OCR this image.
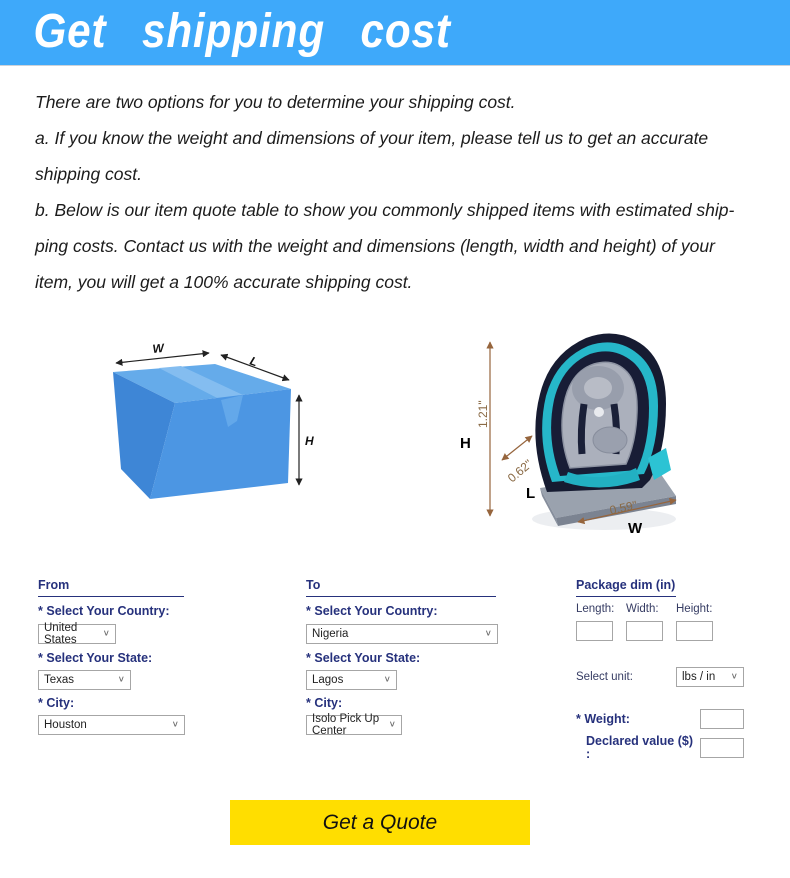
Get shipping cost
There are two options for you to determine your shipping cost.
a. If you know the weight and dimensions of your item, please tell us to get an accurate
shipping cost.
b. Below is our item quote table to show you commonly shipped items with estimated ship-
ping costs. Contact us with the weight and dimensions (length, width and height) of your
item, you will get a 100% accurate shipping cost.
W
L
H	H
1.21"
L
0.62"
W
0.59"
From
* Select Your Country:
United States
∨
* Select Your State:
Texas	∨
* City:
Houston	∨
To
* Select Your Country:
Nigeria	∨
* Select Your State:
Lagos	∨
* City:
Isolo Pick Up Center
∨
Package dim (in)
Length:	Width:	Height:
Select unit:	lbs / in	∨
* Weight:
Declared value ($) :
Get a Quote
